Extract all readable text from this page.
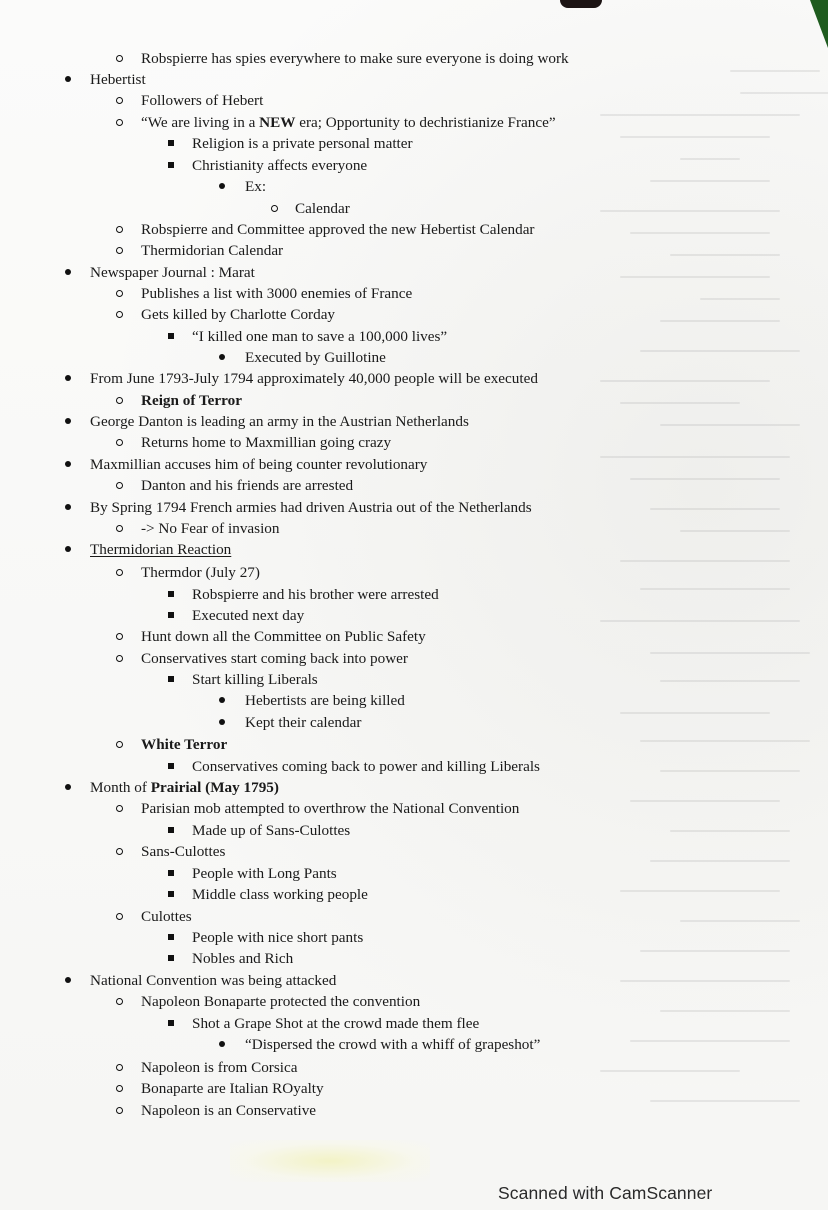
Robspierre has spies everywhere to make sure everyone is doing work
Hebertist
Followers of Hebert
“We are living in a NEW era; Opportunity to dechristianize France”
Religion is a private personal matter
Christianity affects everyone
Ex:
Calendar
Robspierre and Committee approved the new Hebertist Calendar
Thermidorian Calendar
Newspaper Journal : Marat
Publishes a list with 3000 enemies of France
Gets killed by Charlotte Corday
“I killed one man to save a 100,000 lives”
Executed by Guillotine
From June 1793-July 1794 approximately 40,000 people will be executed
Reign of Terror
George Danton is leading an army in the Austrian Netherlands
Returns home to Maxmillian going crazy
Maxmillian accuses him of being counter revolutionary
Danton and his friends are arrested
By Spring 1794 French armies had driven Austria out of the Netherlands
-> No Fear of invasion
Thermidorian Reaction
Thermdor (July 27)
Robspierre and his brother were arrested
Executed next day
Hunt down all the Committee on Public Safety
Conservatives start coming back into power
Start killing Liberals
Hebertists are being killed
Kept their calendar
White Terror
Conservatives coming back to power and killing Liberals
Month of Prairial (May 1795)
Parisian mob attempted to overthrow the National Convention
Made up of Sans-Culottes
Sans-Culottes
People with Long Pants
Middle class working people
Culottes
People with nice short pants
Nobles and Rich
National Convention was being attacked
Napoleon Bonaparte protected the convention
Shot a Grape Shot at the crowd made them flee
“Dispersed the crowd with a whiff of grapeshot”
Napoleon is from Corsica
Bonaparte are Italian ROyalty
Napoleon is an Conservative
Scanned with CamScanner
